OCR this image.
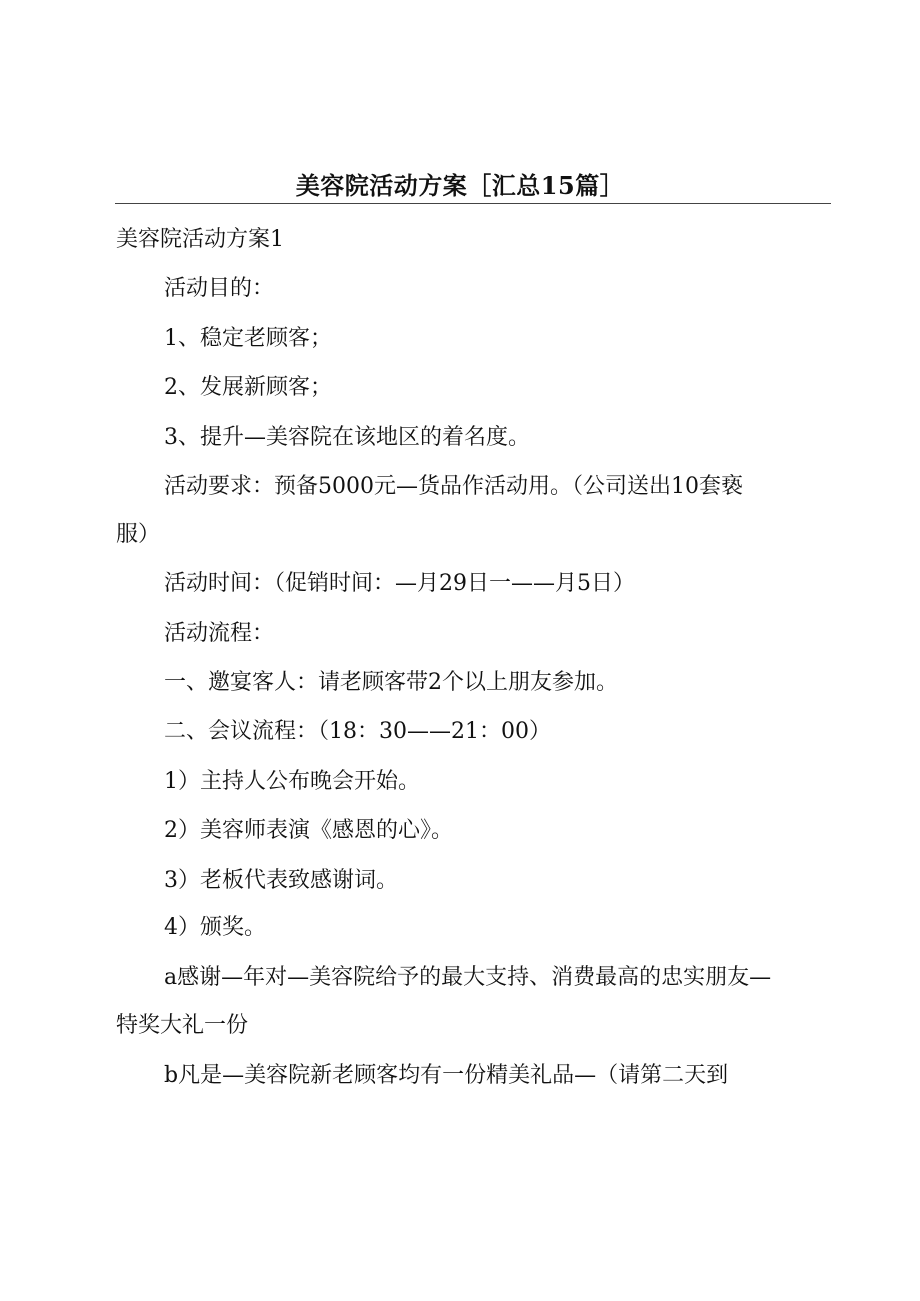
美容院活动方案［汇总15篇］
美容院活动方案1
活动目的：
1、稳定老顾客；
2、发展新顾客；
3、提升—美容院在该地区的着名度。
活动要求：预备5000元—货品作活动用。（公司送出10套亵
服）
活动时间：（促销时间：—月29日一——月5日）
活动流程：
一、邀宴客人：请老顾客带2个以上朋友参加。
二、会议流程：（18：30——21：00）
1）主持人公布晚会开始。
2）美容师表演《感恩的心》。
3）老板代表致感谢词。
4）颁奖。
a感谢—年对—美容院给予的最大支持、消费最高的忠实朋友—
特奖大礼一份
b凡是—美容院新老顾客均有一份精美礼品—（请第二天到
